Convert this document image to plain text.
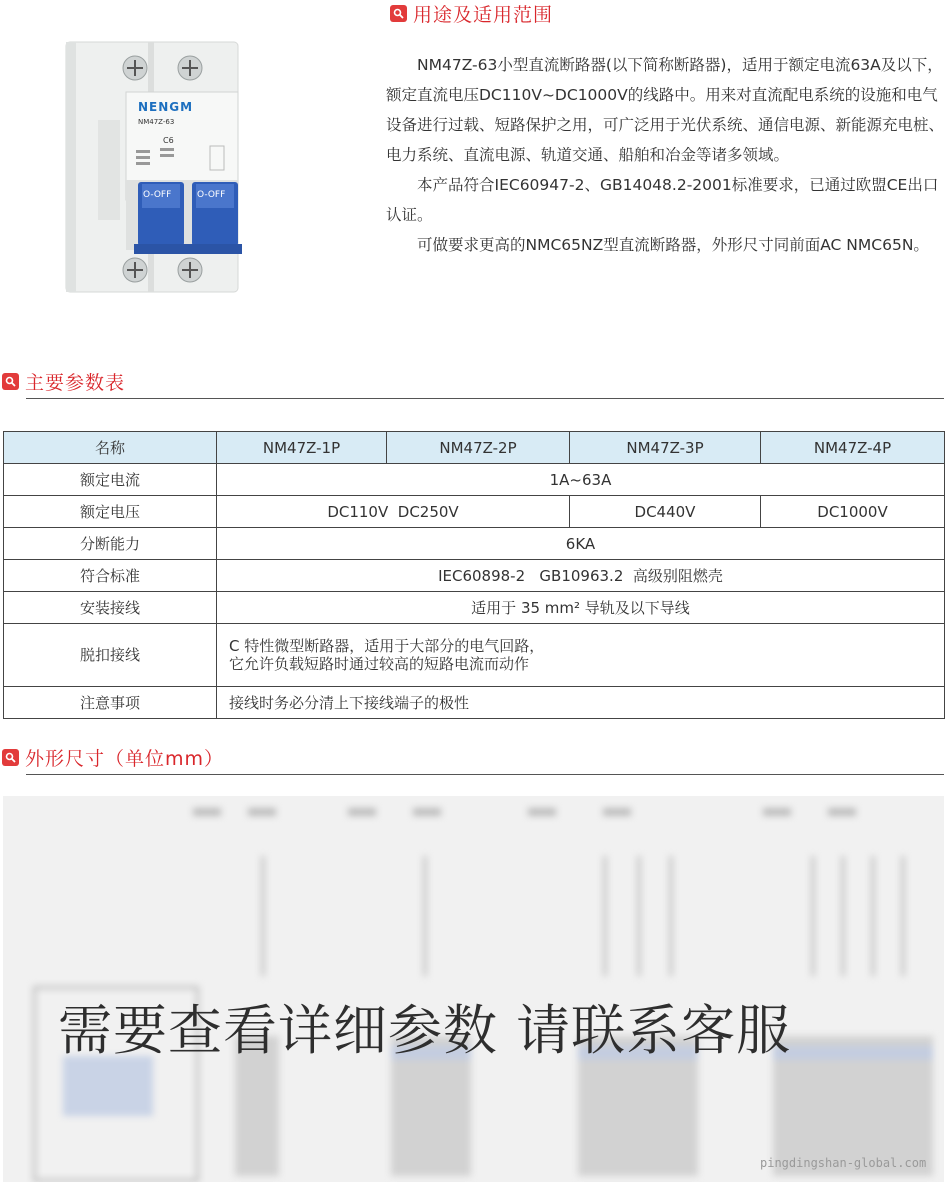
NENGM
NM47Z-63
C6
O-OFF	O-OFF
用途及适用范围

NM47Z-63小型直流断路器(以下简称断路器)，适用于额定电流63A及以下，额定直流电压DC110V~DC1000V的线路中。用来对直流配电系统的设施和电气设备进行过载、短路保护之用，可广泛用于光伏系统、通信电源、新能源充电桩、电力系统、直流电源、轨道交通、船舶和冶金等诸多领域。

本产品符合IEC60947-2、GB14048.2-2001标准要求，已通过欧盟CE出口认证。

可做要求更高的NMC65NZ型直流断路器，外形尺寸同前面AC NMC65N。

主要参数表
名称	NM47Z-1P	NM47Z-2P	NM47Z-3P	NM47Z-4P
额定电流	1A~63A			
额定电压	DC110V  DC250V		DC440V	DC1000V
分断能力	6KA			
符合标准	IEC60898-2   GB10963.2  高级别阻燃壳			
安装接线	适用于 35 mm² 导轨及以下导线			
脱扣接线	C 特性微型断路器，适用于大部分的电气回路，
它允许负载短路时通过较高的短路电流而动作			

注意事项	接线时务必分清上下接线端子的极性			
外形尺寸（单位mm）
需要查看详细参数 请联系客服
pingdingshan-global.com
